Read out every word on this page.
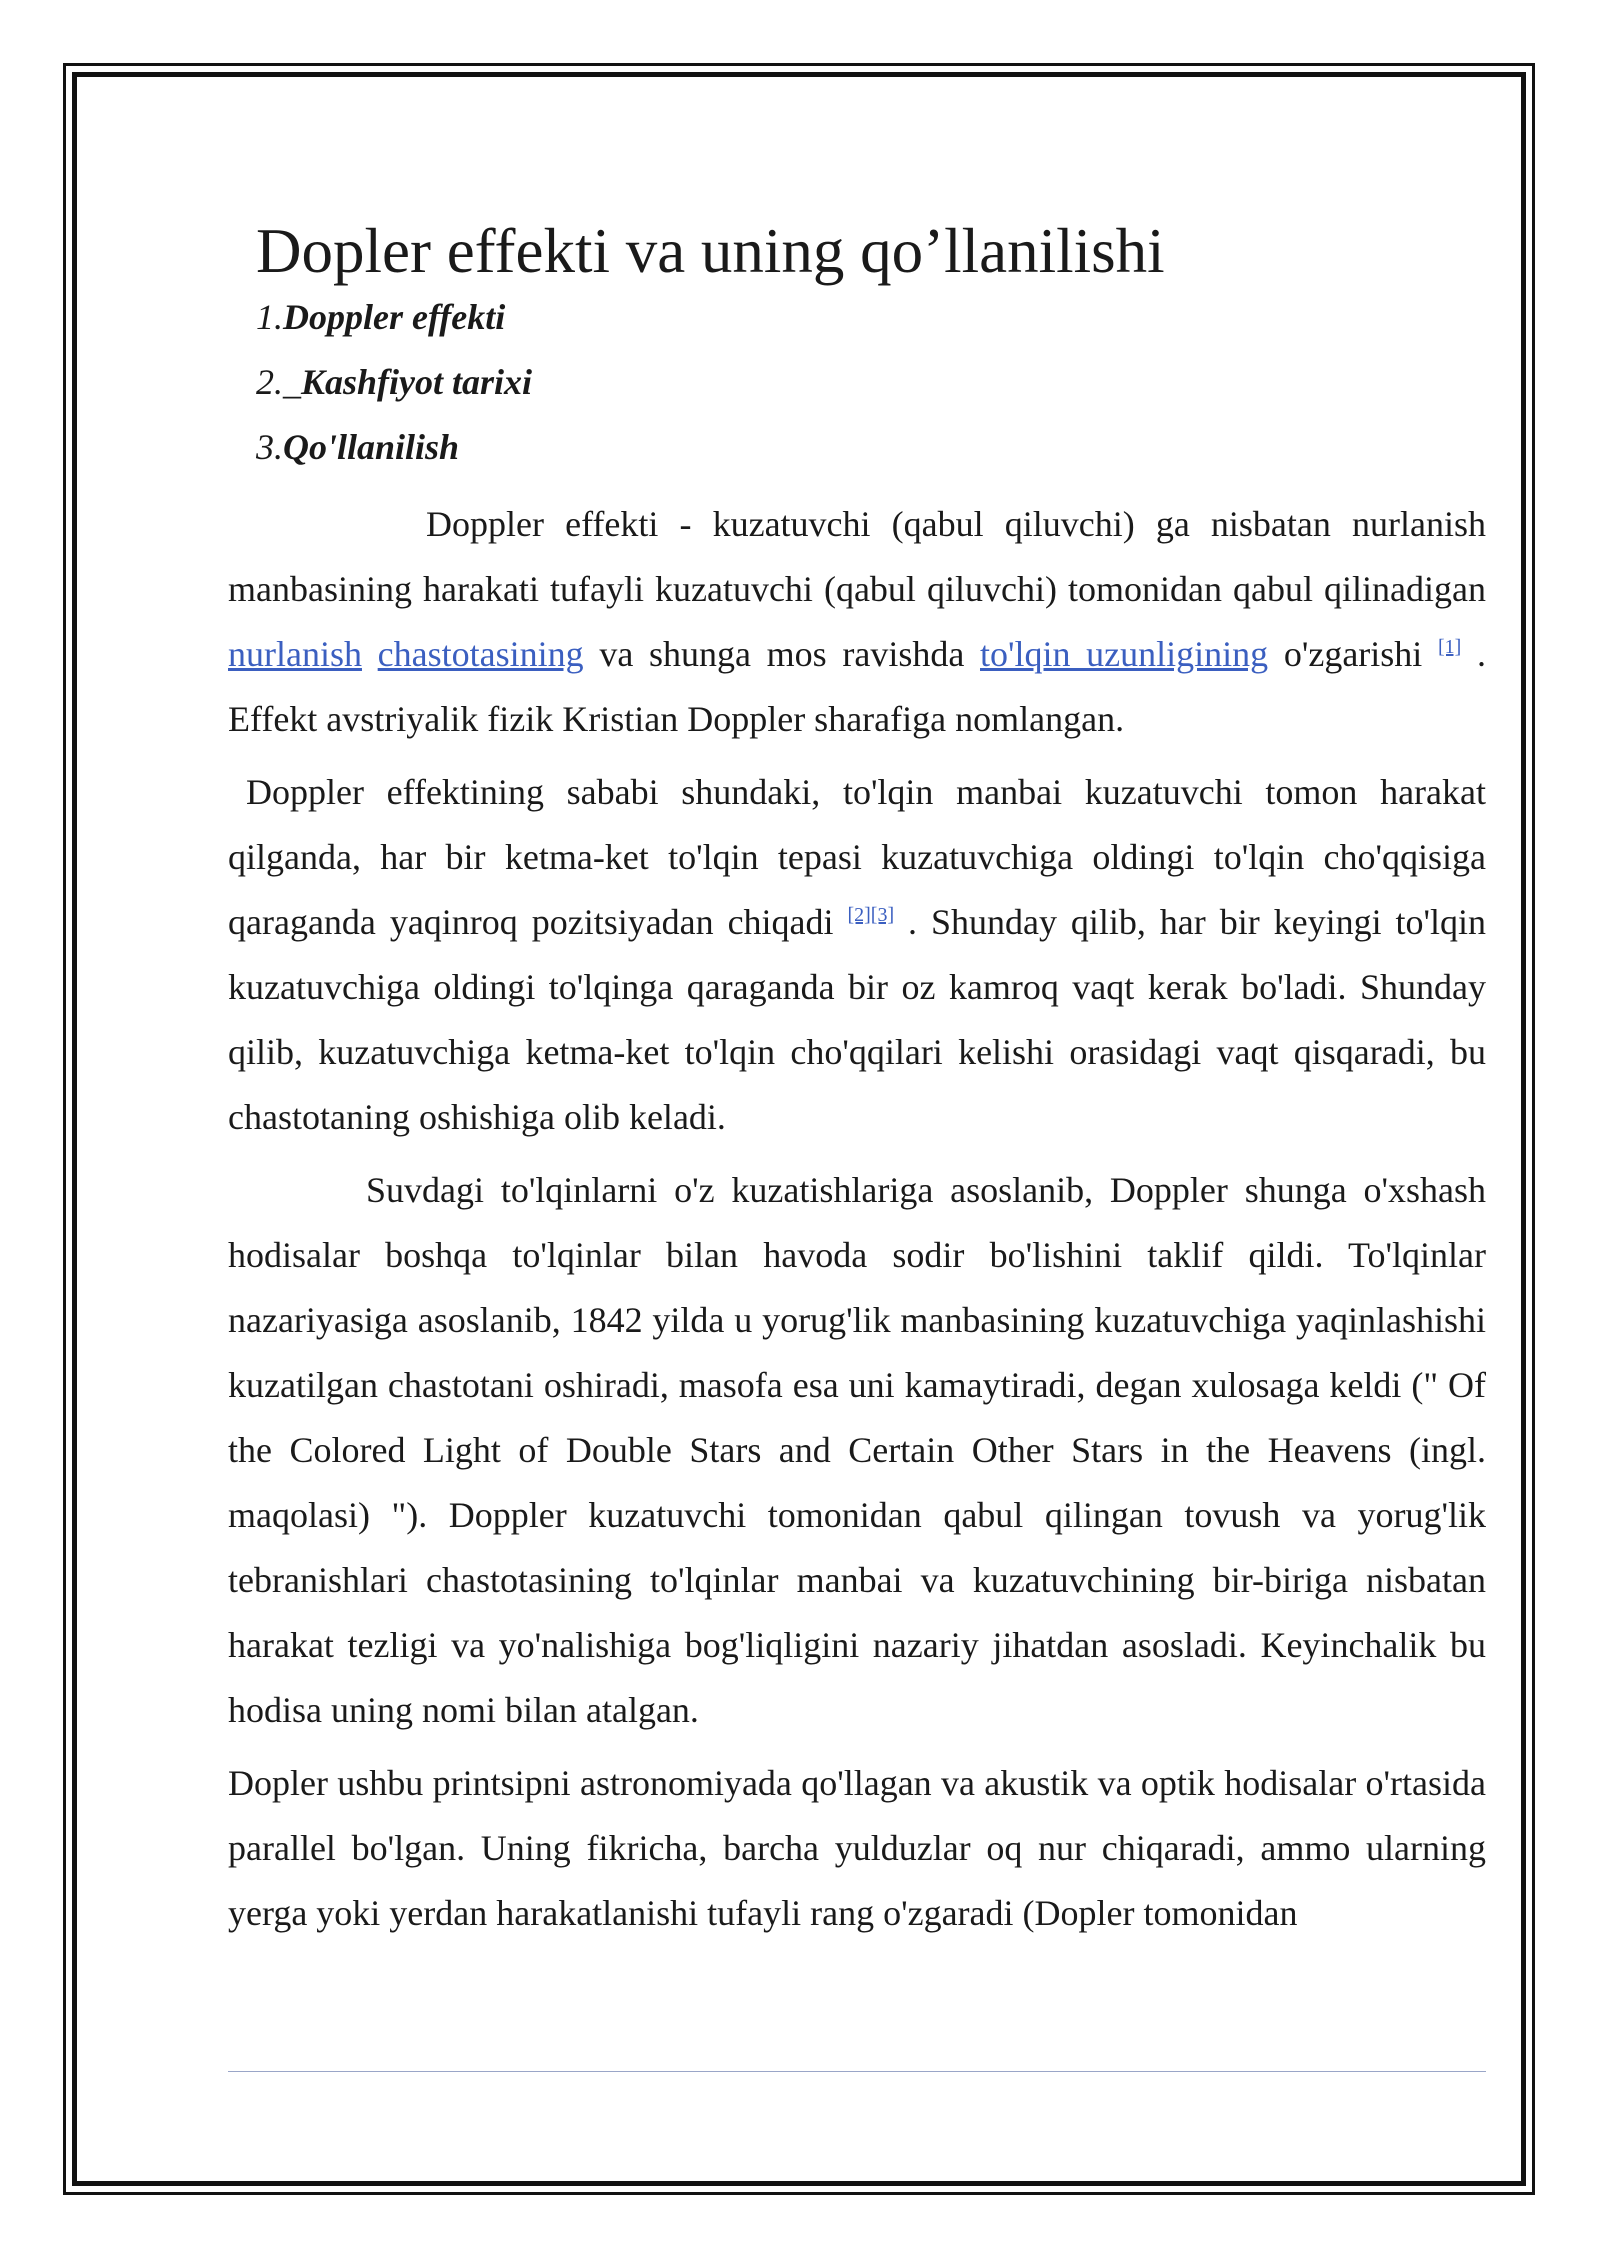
Dopler effekti va uning qo’llanilishi
1.Doppler effekti
2._Kashfiyot tarixi
3.Qo'llanilish

Doppler effekti - kuzatuvchi (qabul qiluvchi) ga nisbatan nurlanish manbasining harakati tufayli kuzatuvchi (qabul qiluvchi) tomonidan qabul qilinadigan nurlanish chastotasining va shunga mos ravishda to'lqin uzunligining o'zgarishi [1] . Effekt avstriyalik fizik Kristian Doppler sharafiga nomlangan.

Doppler effektining sababi shundaki, to'lqin manbai kuzatuvchi tomon harakat qilganda, har bir ketma-ket to'lqin tepasi kuzatuvchiga oldingi to'lqin cho'qqisiga qaraganda yaqinroq pozitsiyadan chiqadi [2][3] . Shunday qilib, har bir keyingi to'lqin kuzatuvchiga oldingi to'lqinga qaraganda bir oz kamroq vaqt kerak bo'ladi. Shunday qilib, kuzatuvchiga ketma-ket to'lqin cho'qqilari kelishi orasidagi vaqt qisqaradi, bu chastotaning oshishiga olib keladi.

Suvdagi to'lqinlarni o'z kuzatishlariga asoslanib, Doppler shunga o'xshash hodisalar boshqa to'lqinlar bilan havoda sodir bo'lishini taklif qildi. To'lqinlar nazariyasiga asoslanib, 1842 yilda u yorug'lik manbasining kuzatuvchiga yaqinlashishi kuzatilgan chastotani oshiradi, masofa esa uni kamaytiradi, degan xulosaga keldi (" Of the Colored Light of Double Stars and Certain Other Stars in the Heavens (ingl. maqolasi) "). Doppler kuzatuvchi tomonidan qabul qilingan tovush va yorug'lik tebranishlari chastotasining to'lqinlar manbai va kuzatuvchining bir-biriga nisbatan harakat tezligi va yo'nalishiga bog'liqligini nazariy jihatdan asosladi. Keyinchalik bu hodisa uning nomi bilan atalgan.

Dopler ushbu printsipni astronomiyada qo'llagan va akustik va optik hodisalar o'rtasida parallel bo'lgan. Uning fikricha, barcha yulduzlar oq nur chiqaradi, ammo ularning yerga yoki yerdan harakatlanishi tufayli rang o'zgaradi (Dopler tomonidan
